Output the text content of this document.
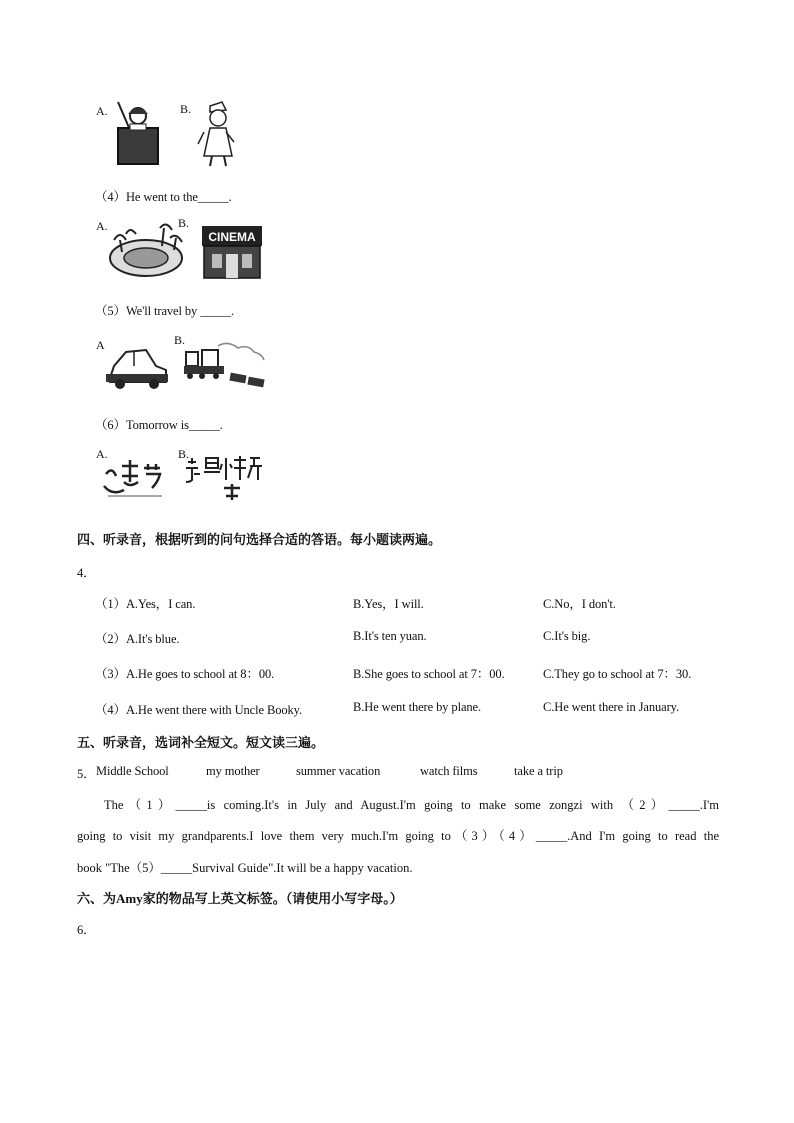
A.	B.
（4）He went to the_____.
A.	B.
CINEMA
（5）We'll travel by _____.
A	B.
（6）Tomorrow is_____.
A.	B.
四、听录音，根据听到的问句选择合适的答语。每小题读两遍。
4．
（1）A.Yes，I can.	B.Yes，I will.	C.No，I don't.
（2）A.It's blue.	B.It's ten yuan.	C.It's big.
（3）A.He goes to school at 8：00.	B.She goes to school at 7：00.	C.They go to school at 7：30.
（4）A.He went there with Uncle Booky.	B.He went there by plane.	C.He went there in January.
五、听录音，选词补全短文。短文读三遍。
5． Middle School	my mother	summer vacation	watch films	take a trip
The（1）_____is coming.It's in July and August.I'm going to make some zongzi with （2）_____.I'm
going to visit my grandparents.I love them very much.I'm going to（3）（4）_____.And I'm going to read the
book "The（5）_____Survival Guide".It will be a happy vacation.
六、为Amy家的物品写上英文标签。（请使用小写字母。）
6．
